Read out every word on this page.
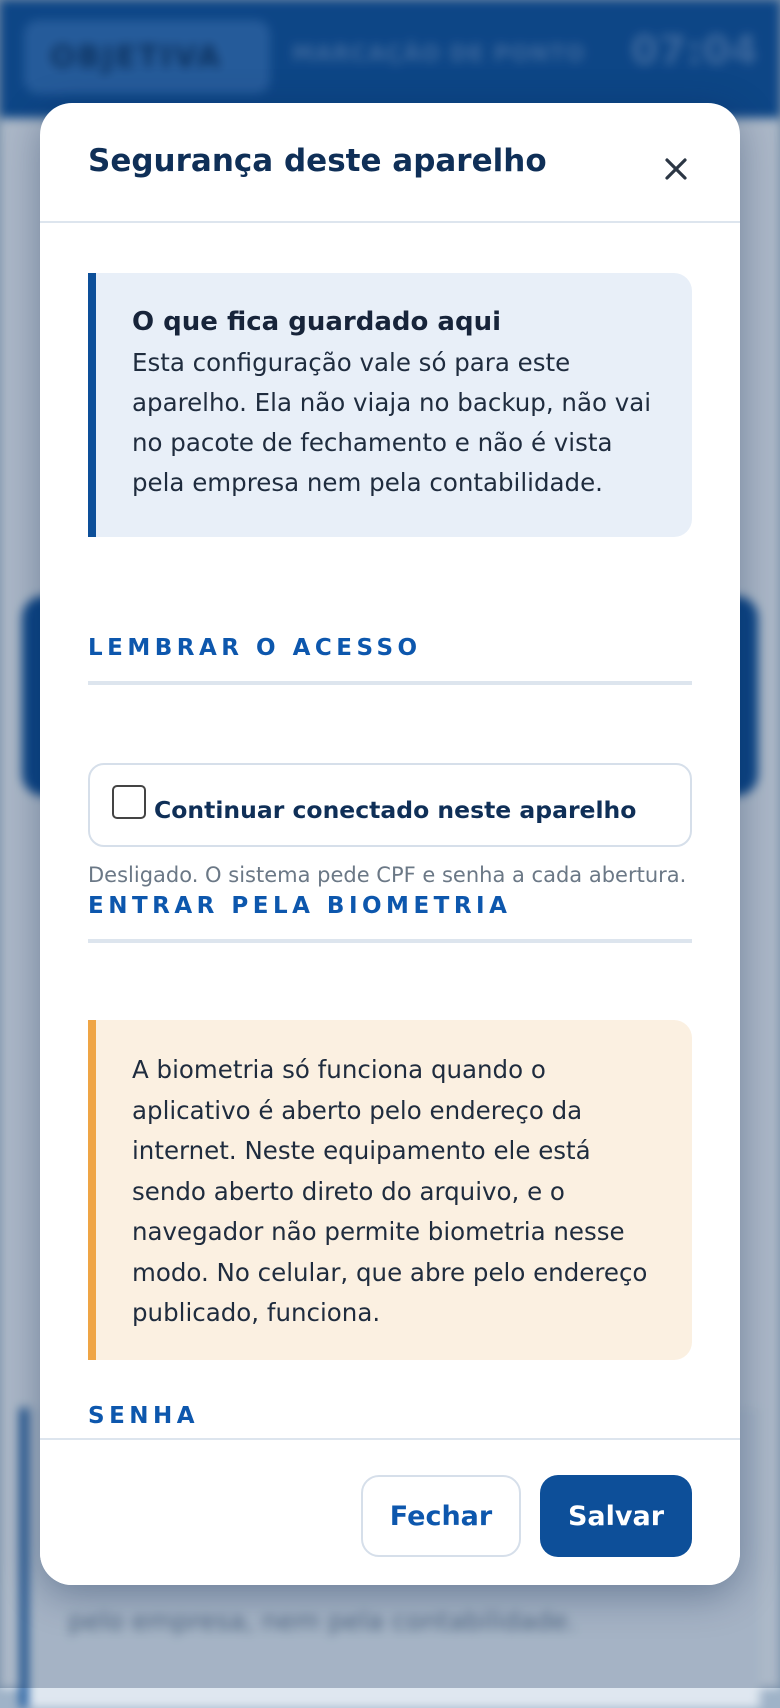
OBJETIVA	MARCAÇÃO DE PONTO 07:04
pelo empresa, nem pela contabilidade.
Segurança deste aparelho
O que fica guardado aqui
Esta configuração vale só para este aparelho. Ela não viaja no backup, não vai no pacote de fechamento e não é vista pela empresa nem pela contabilidade.
LEMBRAR O ACESSO
Continuar conectado neste aparelho
Desligado. O sistema pede CPF e senha a cada abertura.
ENTRAR PELA BIOMETRIA
A biometria só funciona quando o aplicativo é aberto pelo endereço da internet. Neste equipamento ele está sendo aberto direto do arquivo, e o navegador não permite biometria nesse modo. No celular, que abre pelo endereço publicado, funciona.
SENHA
Fechar	Salvar
